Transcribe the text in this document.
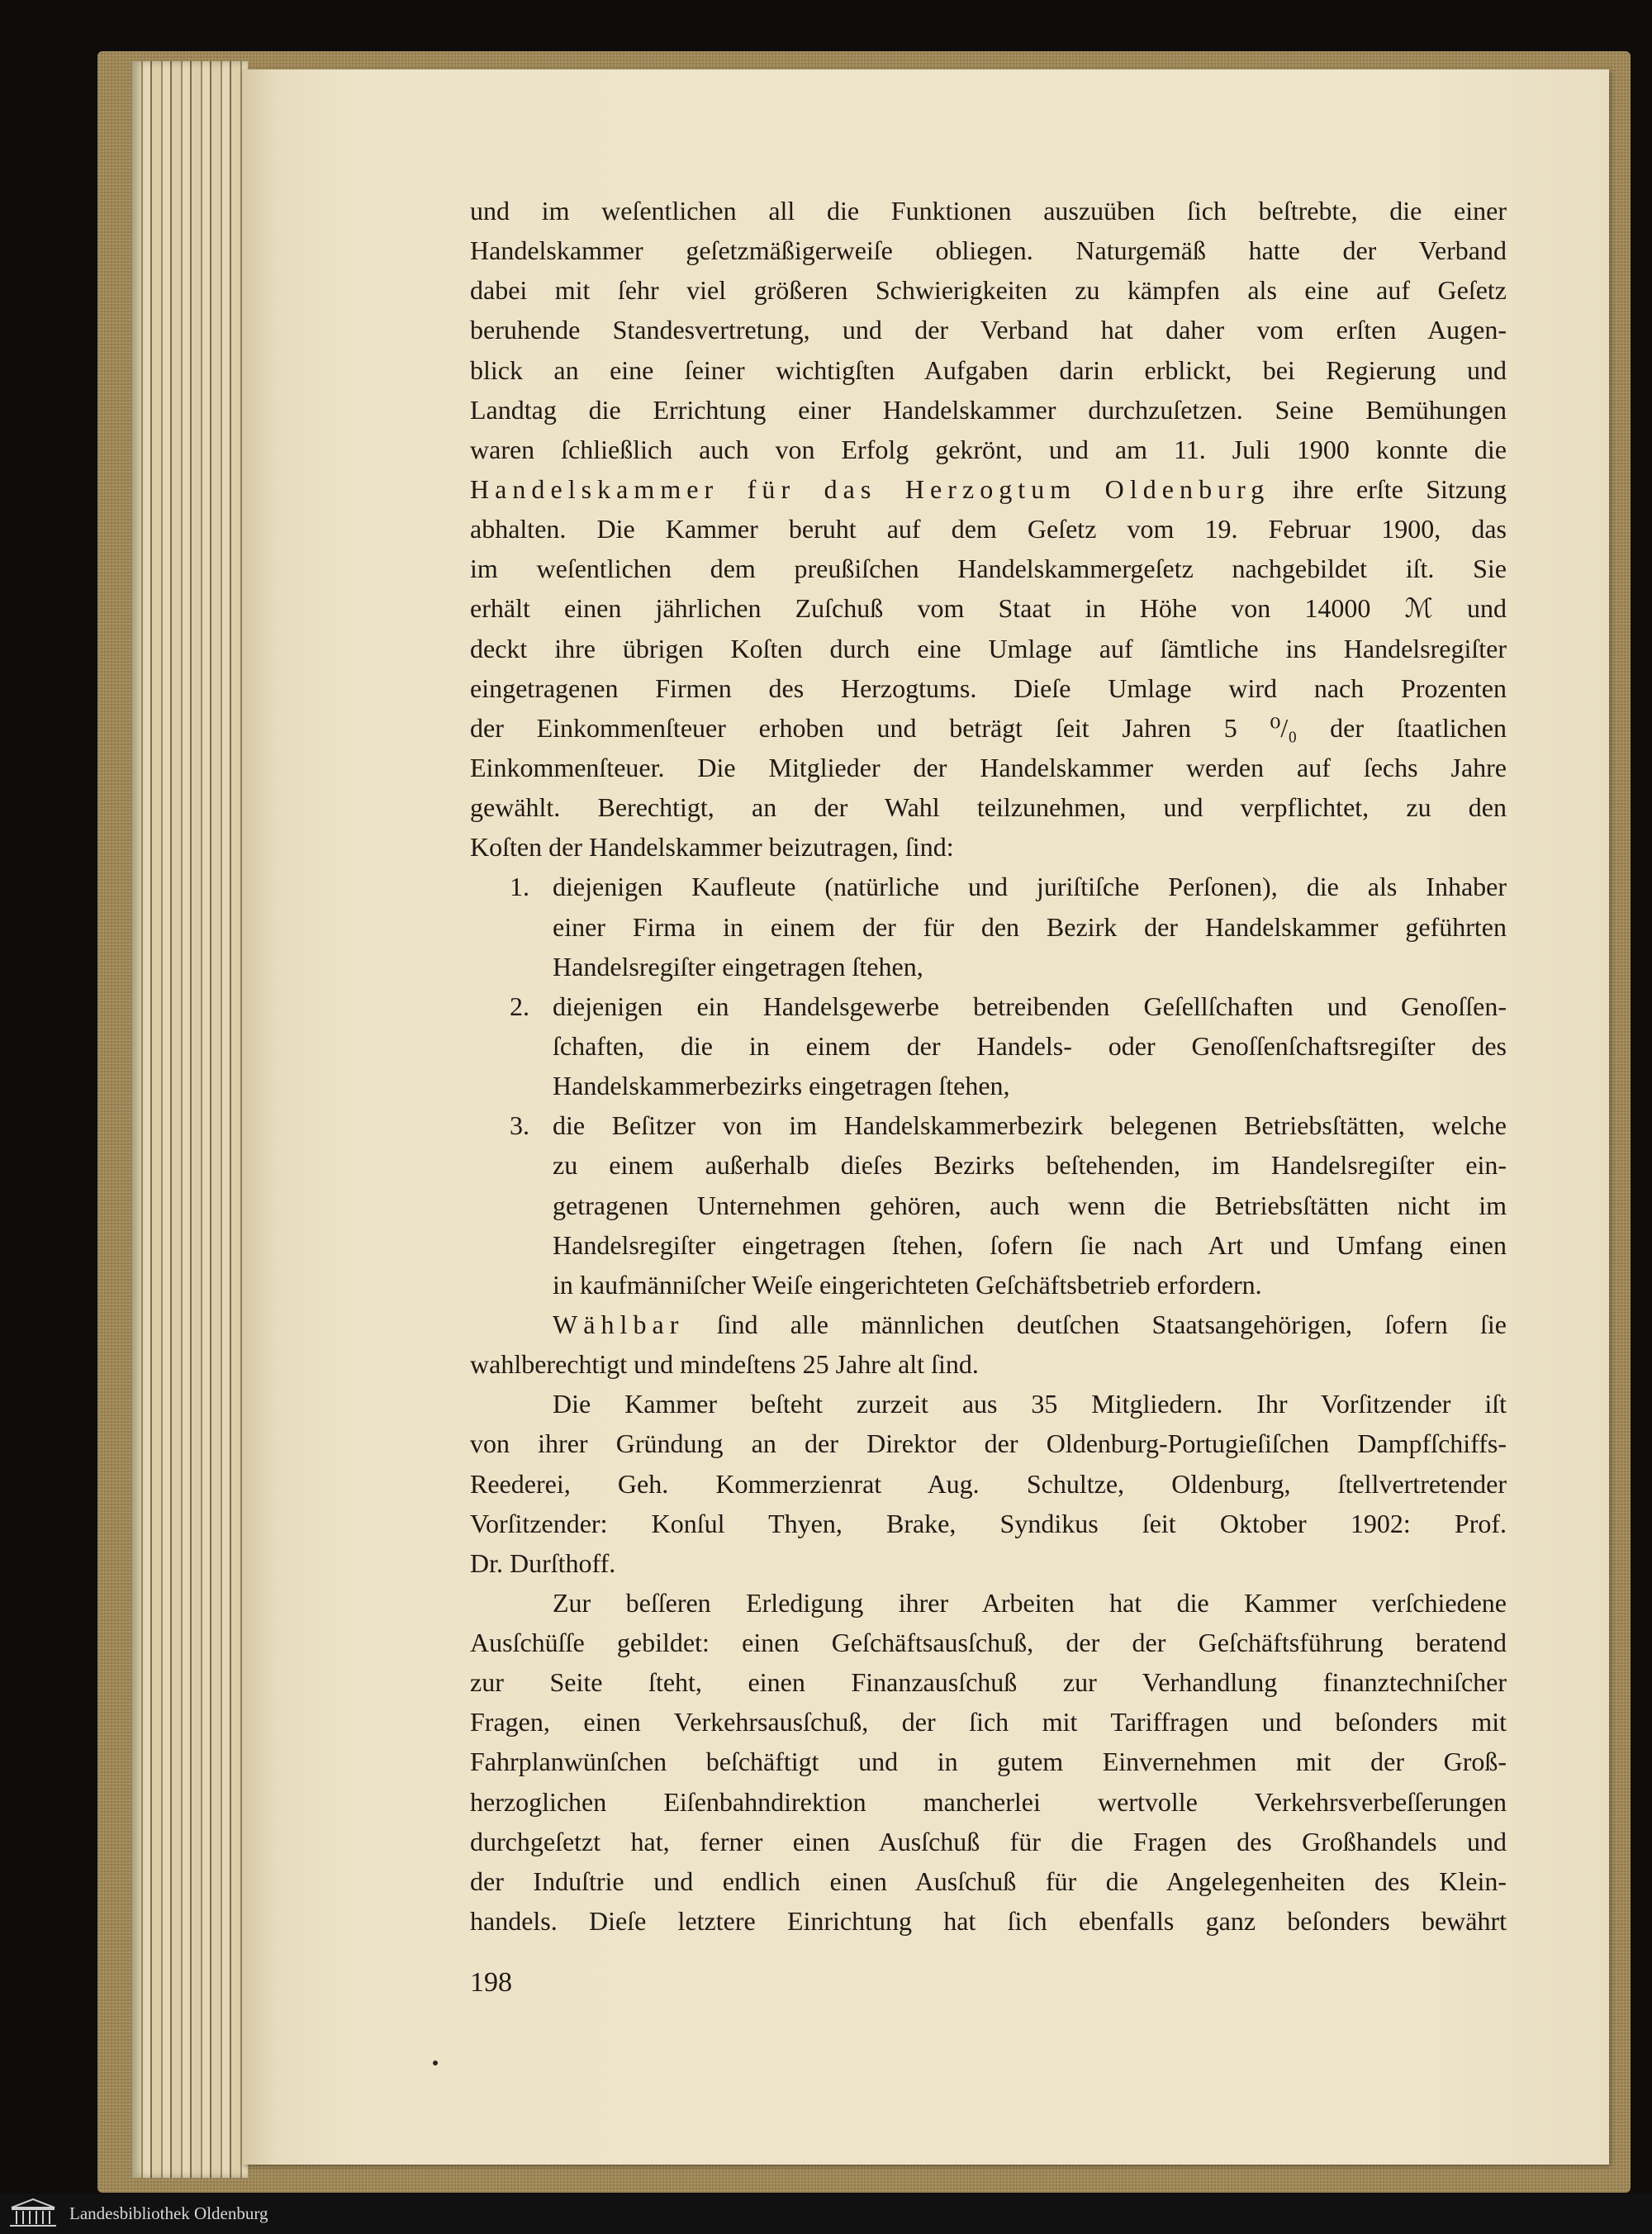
und im weſentlichen all die Funktionen auszuüben ſich beſtrebte, die einer
Handelskammer geſetzmäßigerweiſe obliegen. Naturgemäß hatte der Verband
dabei mit ſehr viel größeren Schwierigkeiten zu kämpfen als eine auf Geſetz
beruhende Standesvertretung, und der Verband hat daher vom erſten Augen-
blick an eine ſeiner wichtigſten Aufgaben darin erblickt, bei Regierung und
Landtag die Errichtung einer Handelskammer durchzuſetzen. Seine Bemühungen
waren ſchließlich auch von Erfolg gekrönt, und am 11. Juli 1900 konnte die
Handelskammer für das Herzogtum Oldenburg ihre erſte Sitzung
abhalten. Die Kammer beruht auf dem Geſetz vom 19. Februar 1900, das
im weſentlichen dem preußiſchen Handelskammergeſetz nachgebildet iſt. Sie
erhält einen jährlichen Zuſchuß vom Staat in Höhe von 14000 ℳ und
deckt ihre übrigen Koſten durch eine Umlage auf ſämtliche ins Handelsregiſter
eingetragenen Firmen des Herzogtums. Dieſe Umlage wird nach Prozenten
der Einkommenſteuer erhoben und beträgt ſeit Jahren 5 ⁰/₀ der ſtaatlichen
Einkommenſteuer. Die Mitglieder der Handelskammer werden auf ſechs Jahre
gewählt. Berechtigt, an der Wahl teilzunehmen, und verpflichtet, zu den
Koſten der Handelskammer beizutragen, ſind:
1. diejenigen Kaufleute (natürliche und juriſtiſche Perſonen), die als Inhaber
einer Firma in einem der für den Bezirk der Handelskammer geführten
Handelsregiſter eingetragen ſtehen,
2. diejenigen ein Handelsgewerbe betreibenden Geſellſchaften und Genoſſen-
ſchaften, die in einem der Handels- oder Genoſſenſchaftsregiſter des
Handelskammerbezirks eingetragen ſtehen,
3. die Beſitzer von im Handelskammerbezirk belegenen Betriebsſtätten, welche
zu einem außerhalb dieſes Bezirks beſtehenden, im Handelsregiſter ein-
getragenen Unternehmen gehören, auch wenn die Betriebsſtätten nicht im
Handelsregiſter eingetragen ſtehen, ſofern ſie nach Art und Umfang einen
in kaufmänniſcher Weiſe eingerichteten Geſchäftsbetrieb erfordern.
Wählbar ſind alle männlichen deutſchen Staatsangehörigen, ſofern ſie
wahlberechtigt und mindeſtens 25 Jahre alt ſind.
Die Kammer beſteht zurzeit aus 35 Mitgliedern. Ihr Vorſitzender iſt
von ihrer Gründung an der Direktor der Oldenburg-Portugieſiſchen Dampfſchiffs-
Reederei, Geh. Kommerzienrat Aug. Schultze, Oldenburg, ſtellvertretender
Vorſitzender: Konſul Thyen, Brake, Syndikus ſeit Oktober 1902: Prof.
Dr. Durſthoff.
Zur beſſeren Erledigung ihrer Arbeiten hat die Kammer verſchiedene
Ausſchüſſe gebildet: einen Geſchäftsausſchuß, der der Geſchäftsführung beratend
zur Seite ſteht, einen Finanzausſchuß zur Verhandlung finanztechniſcher
Fragen, einen Verkehrsausſchuß, der ſich mit Tariffragen und beſonders mit
Fahrplanwünſchen beſchäftigt und in gutem Einvernehmen mit der Groß-
herzoglichen Eiſenbahndirektion mancherlei wertvolle Verkehrsverbeſſerungen
durchgeſetzt hat, ferner einen Ausſchuß für die Fragen des Großhandels und
der Induſtrie und endlich einen Ausſchuß für die Angelegenheiten des Klein-
handels. Dieſe letztere Einrichtung hat ſich ebenfalls ganz beſonders bewährt
198
Landesbibliothek Oldenburg
